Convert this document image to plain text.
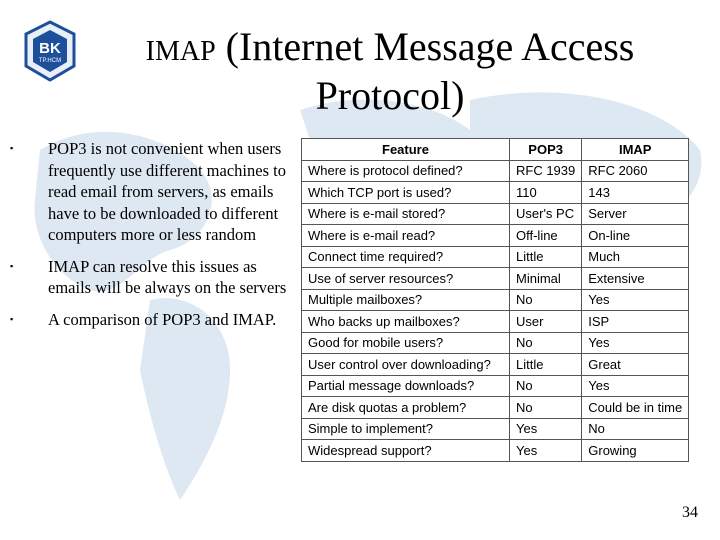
BK
TP.HCM	IMAP (Internet Message Access
Protocol)
▪ POP3 is not convenient when users frequently use different machines to read email from servers, as emails have to be downloaded to different computers more or less random
▪ IMAP can resolve this issues as emails will be always on the servers
▪ A comparison of POP3 and IMAP.
Feature	POP3	IMAP
Where is protocol defined?	RFC 1939	RFC 2060
Which TCP port is used?	110	143
Where is e-mail stored?	User's PC	Server
Where is e-mail read?	Off-line	On-line
Connect time required?	Little	Much
Use of server resources?	Minimal	Extensive
Multiple mailboxes?	No	Yes
Who backs up mailboxes?	User	ISP
Good for mobile users?	No	Yes
User control over downloading?	Little	Great
Partial message downloads?	No	Yes
Are disk quotas a problem?	No	Could be in time
Simple to implement?	Yes	No
Widespread support?	Yes	Growing
34
